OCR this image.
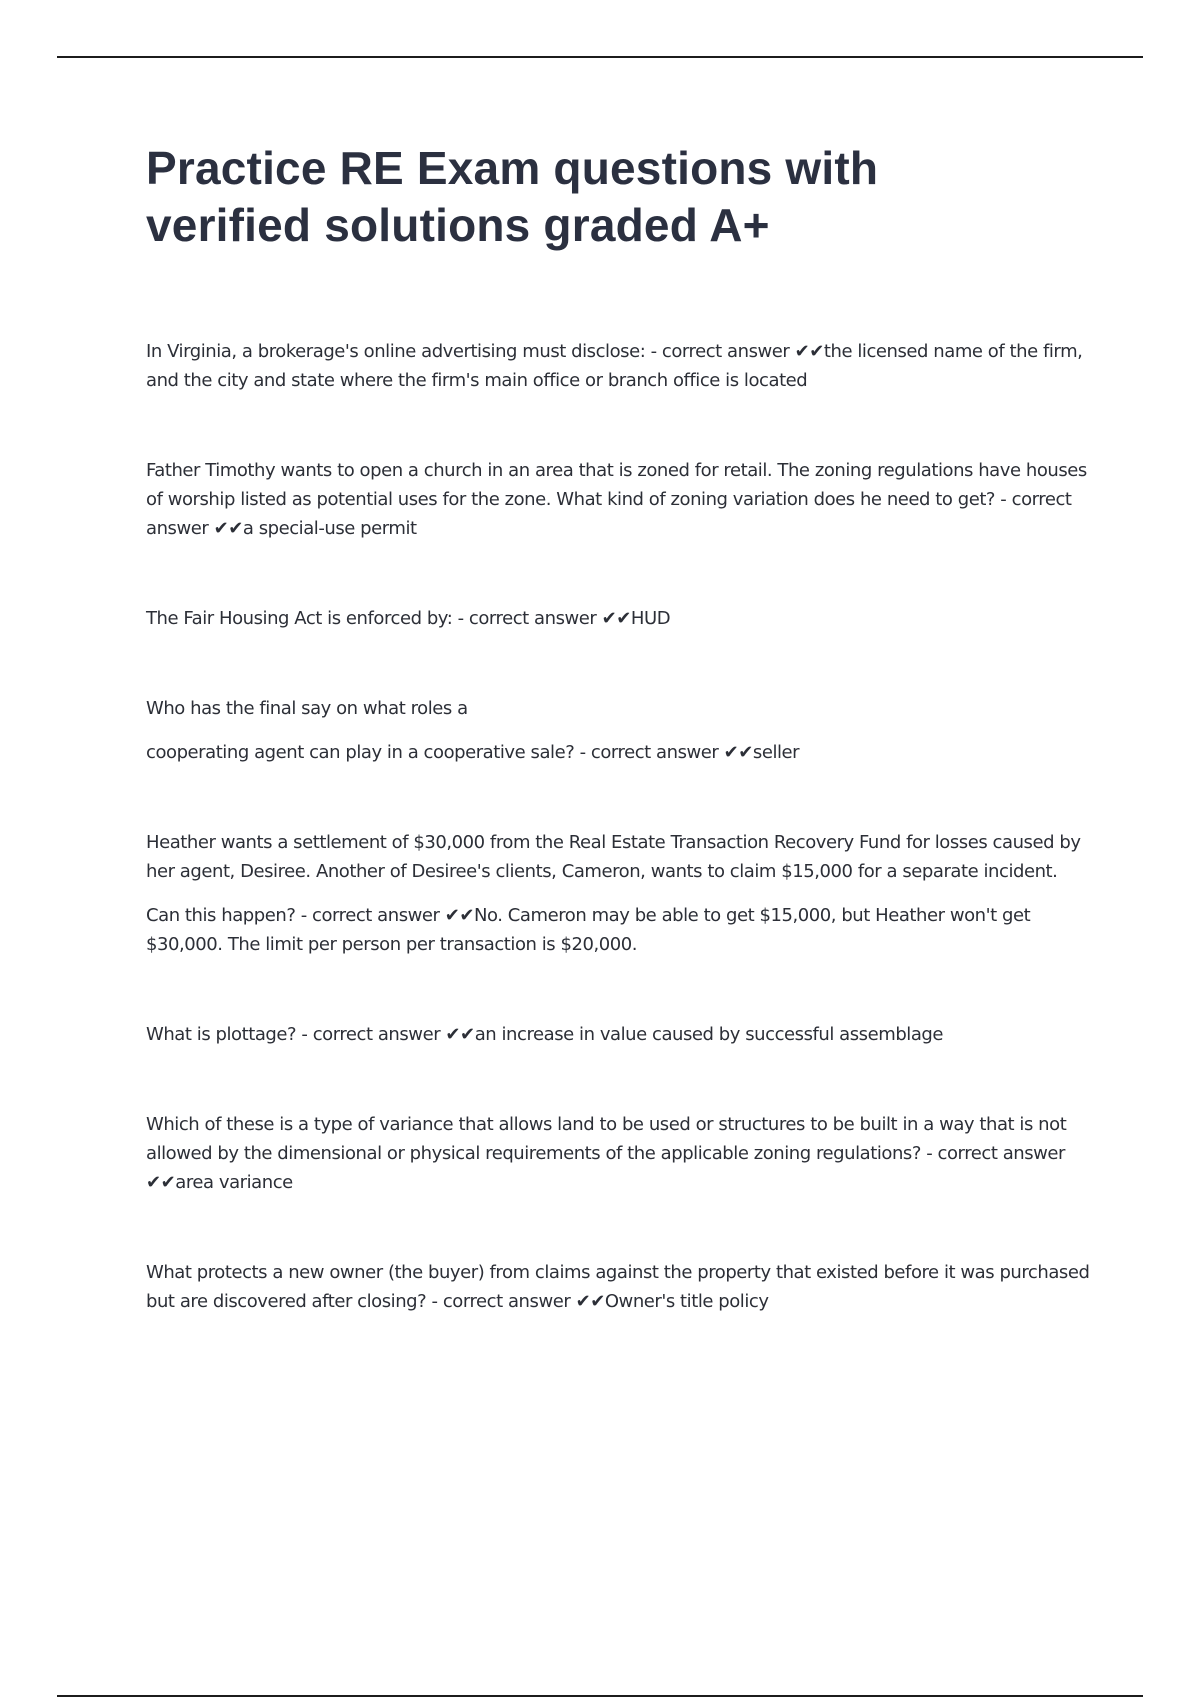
Practice RE Exam questions with
verified solutions graded A+

In Virginia, a brokerage's online advertising must disclose: - correct answer ✔✔the licensed name of the firm, and the city and state where the firm's main office or branch office is located

Father Timothy wants to open a church in an area that is zoned for retail. The zoning regulations have houses of worship listed as potential uses for the zone. What kind of zoning variation does he need to get? - correct answer ✔✔a special-use permit

The Fair Housing Act is enforced by: - correct answer ✔✔HUD

Who has the final say on what roles a

cooperating agent can play in a cooperative sale? - correct answer ✔✔seller

Heather wants a settlement of $30,000 from the Real Estate Transaction Recovery Fund for losses caused by her agent, Desiree. Another of Desiree's clients, Cameron, wants to claim $15,000 for a separate incident.

Can this happen? - correct answer ✔✔No. Cameron may be able to get $15,000, but Heather won't get $30,000. The limit per person per transaction is $20,000.

What is plottage? - correct answer ✔✔an increase in value caused by successful assemblage

Which of these is a type of variance that allows land to be used or structures to be built in a way that is not allowed by the dimensional or physical requirements of the applicable zoning regulations? - correct answer ✔✔area variance

What protects a new owner (the buyer) from claims against the property that existed before it was purchased but are discovered after closing? - correct answer ✔✔Owner's title policy
